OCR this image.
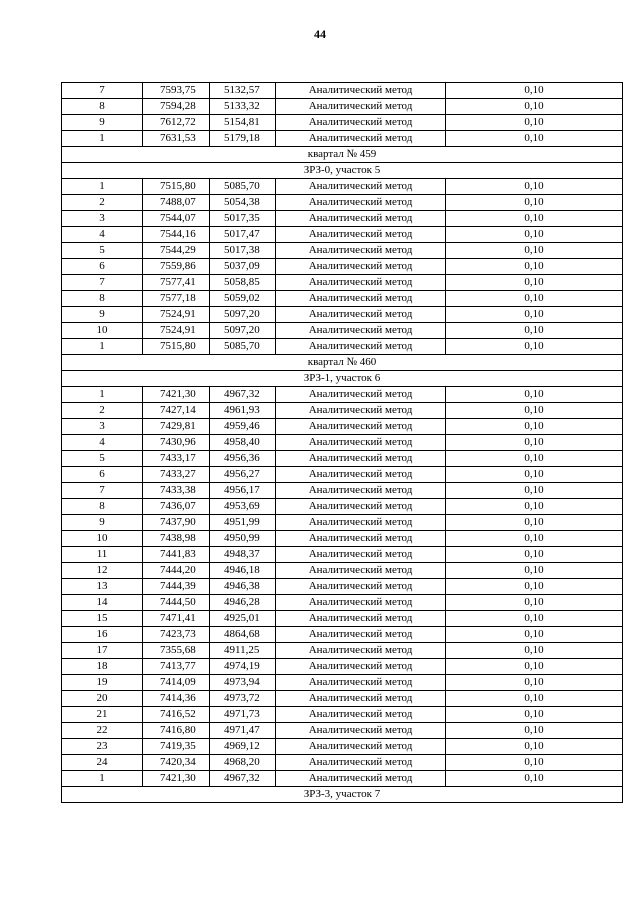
44
7	7593,75	5132,57	Аналитический метод	0,10
8	7594,28	5133,32	Аналитический метод	0,10
9	7612,72	5154,81	Аналитический метод	0,10
1	7631,53	5179,18	Аналитический метод	0,10
квартал № 459				
ЗРЗ-0, участок 5				
1	7515,80	5085,70	Аналитический метод	0,10
2	7488,07	5054,38	Аналитический метод	0,10
3	7544,07	5017,35	Аналитический метод	0,10
4	7544,16	5017,47	Аналитический метод	0,10
5	7544,29	5017,38	Аналитический метод	0,10
6	7559,86	5037,09	Аналитический метод	0,10
7	7577,41	5058,85	Аналитический метод	0,10
8	7577,18	5059,02	Аналитический метод	0,10
9	7524,91	5097,20	Аналитический метод	0,10
10	7524,91	5097,20	Аналитический метод	0,10
1	7515,80	5085,70	Аналитический метод	0,10
квартал № 460				
ЗРЗ-1, участок 6				
1	7421,30	4967,32	Аналитический метод	0,10
2	7427,14	4961,93	Аналитический метод	0,10
3	7429,81	4959,46	Аналитический метод	0,10
4	7430,96	4958,40	Аналитический метод	0,10
5	7433,17	4956,36	Аналитический метод	0,10
6	7433,27	4956,27	Аналитический метод	0,10
7	7433,38	4956,17	Аналитический метод	0,10
8	7436,07	4953,69	Аналитический метод	0,10
9	7437,90	4951,99	Аналитический метод	0,10
10	7438,98	4950,99	Аналитический метод	0,10
11	7441,83	4948,37	Аналитический метод	0,10
12	7444,20	4946,18	Аналитический метод	0,10
13	7444,39	4946,38	Аналитический метод	0,10
14	7444,50	4946,28	Аналитический метод	0,10
15	7471,41	4925,01	Аналитический метод	0,10
16	7423,73	4864,68	Аналитический метод	0,10
17	7355,68	4911,25	Аналитический метод	0,10
18	7413,77	4974,19	Аналитический метод	0,10
19	7414,09	4973,94	Аналитический метод	0,10
20	7414,36	4973,72	Аналитический метод	0,10
21	7416,52	4971,73	Аналитический метод	0,10
22	7416,80	4971,47	Аналитический метод	0,10
23	7419,35	4969,12	Аналитический метод	0,10
24	7420,34	4968,20	Аналитический метод	0,10
1	7421,30	4967,32	Аналитический метод	0,10
ЗРЗ-3, участок 7				
